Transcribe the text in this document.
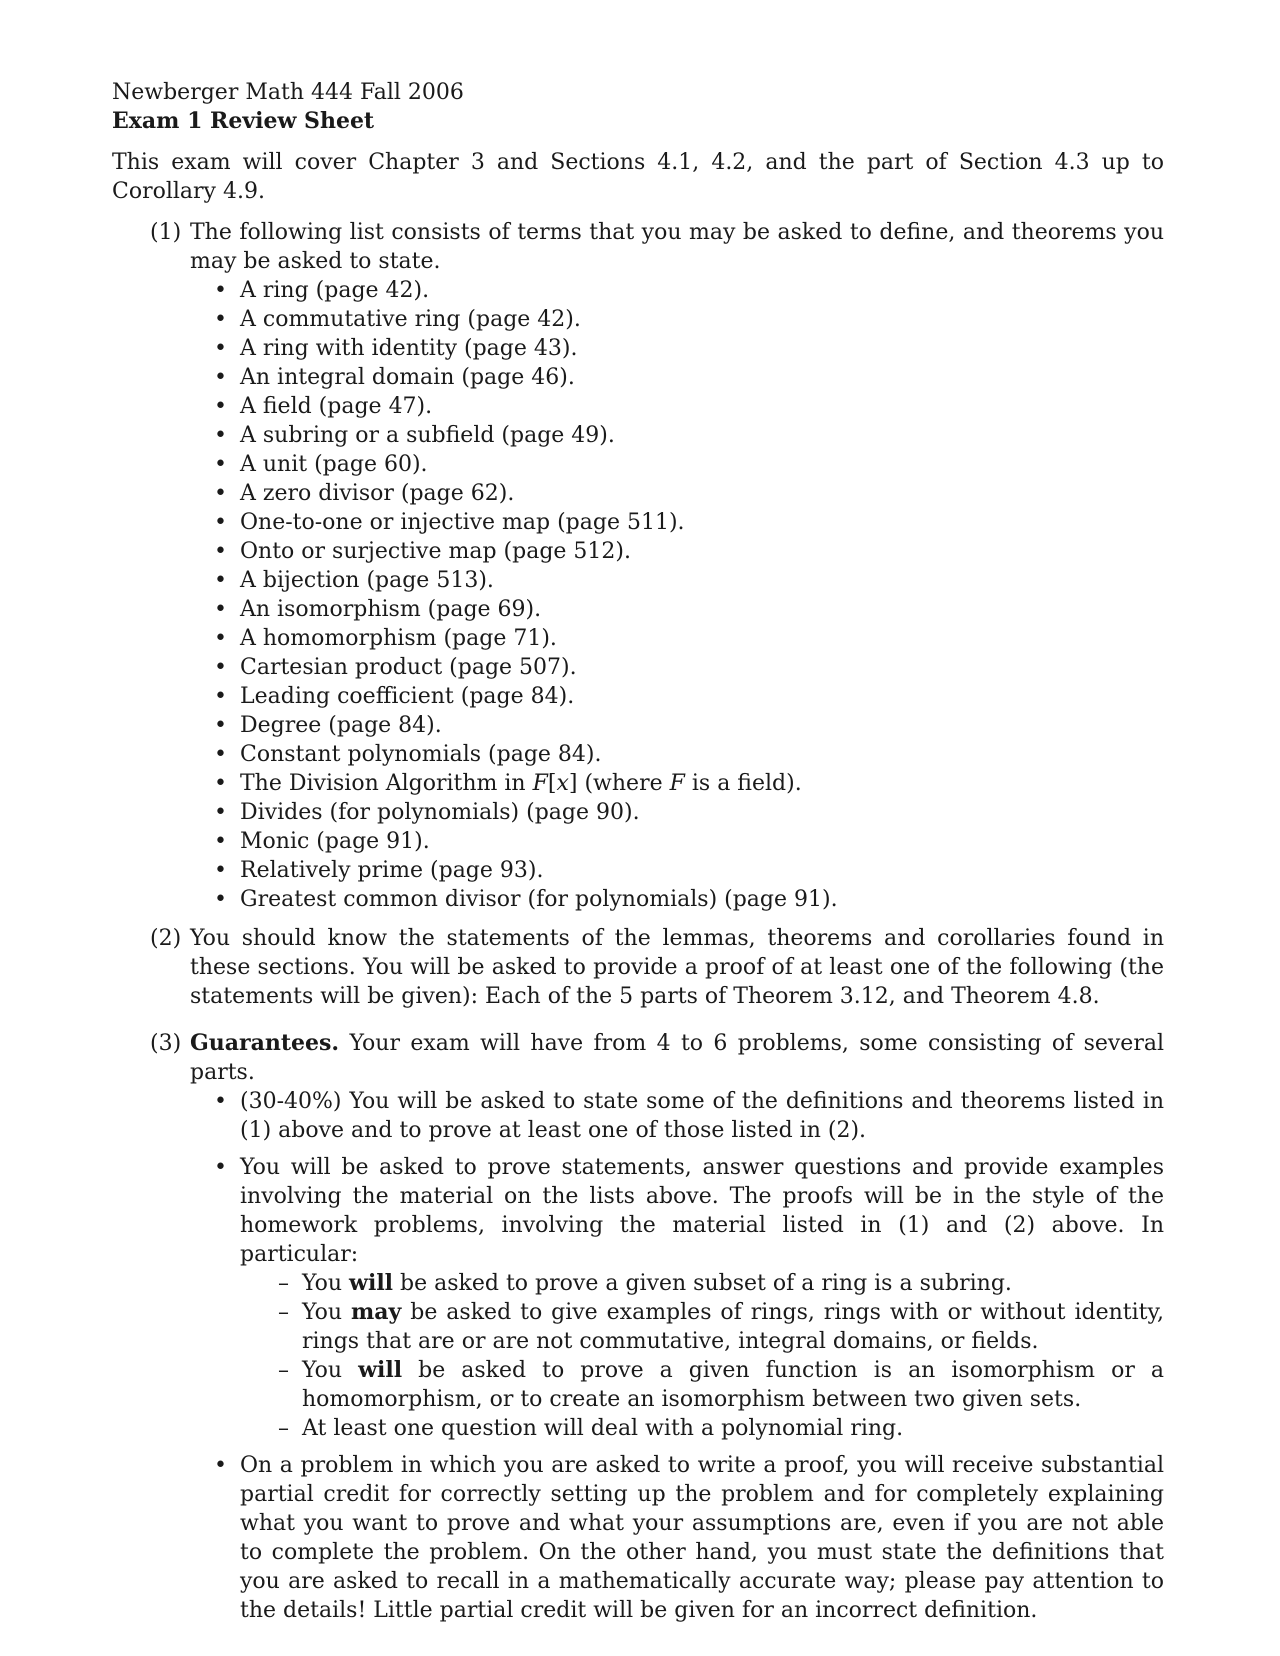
Newberger Math 444 Fall 2006

Exam 1 Review Sheet

This exam will cover Chapter 3 and Sections 4.1, 4.2, and the part of Section 4.3 up to Corollary 4.9.

(1) The following list consists of terms that you may be asked to define, and theorems you may be asked to state.
• A ring (page 42).
• A commutative ring (page 42).
• A ring with identity (page 43).
• An integral domain (page 46).
• A field (page 47).
• A subring or a subfield (page 49).
• A unit (page 60).
• A zero divisor (page 62).
• One-to-one or injective map (page 511).
• Onto or surjective map (page 512).
• A bijection (page 513).
• An isomorphism (page 69).
• A homomorphism (page 71).
• Cartesian product (page 507).
• Leading coefficient (page 84).
• Degree (page 84).
• Constant polynomials (page 84).
• The Division Algorithm in F[x] (where F is a field).
• Divides (for polynomials) (page 90).
• Monic (page 91).
• Relatively prime (page 93).
• Greatest common divisor (for polynomials) (page 91).
(2) You should know the statements of the lemmas, theorems and corollaries found in these sections. You will be asked to provide a proof of at least one of the following (the statements will be given): Each of the 5 parts of Theorem 3.12, and Theorem 4.8.
(3) Guarantees. Your exam will have from 4 to 6 problems, some consisting of several parts.
• (30-40%) You will be asked to state some of the definitions and theorems listed in (1) above and to prove at least one of those listed in (2).
• You will be asked to prove statements, answer questions and provide examples involving the material on the lists above. The proofs will be in the style of the homework problems, involving the material listed in (1) and (2) above. In particular:
– You will be asked to prove a given subset of a ring is a subring.
– You may be asked to give examples of rings, rings with or without identity, rings that are or are not commutative, integral domains, or fields.
– You will be asked to prove a given function is an isomorphism or a homomorphism, or to create an isomorphism between two given sets.
– At least one question will deal with a polynomial ring.
• On a problem in which you are asked to write a proof, you will receive substantial partial credit for correctly setting up the problem and for completely explaining what you want to prove and what your assumptions are, even if you are not able to complete the problem. On the other hand, you must state the definitions that you are asked to recall in a mathematically accurate way; please pay attention to the details! Little partial credit will be given for an incorrect definition.
